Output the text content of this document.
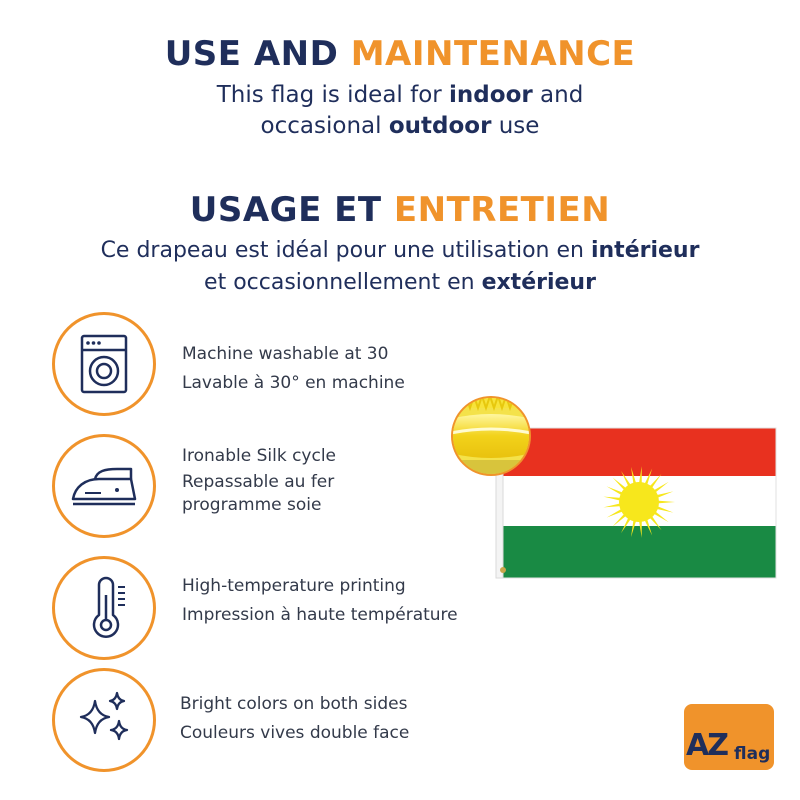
USE AND MAINTENANCE
This flag is ideal for indoor and
occasional outdoor use
USAGE ET ENTRETIEN
Ce drapeau est idéal pour une utilisation en intérieur
et occasionnellement en extérieur
Machine washable at 30
Lavable à 30° en machine
Ironable Silk cycle
Repassable au fer
programme soie
High-temperature printing
Impression à haute température
Bright colors on both sides
Couleurs vives double face	AZ flag
